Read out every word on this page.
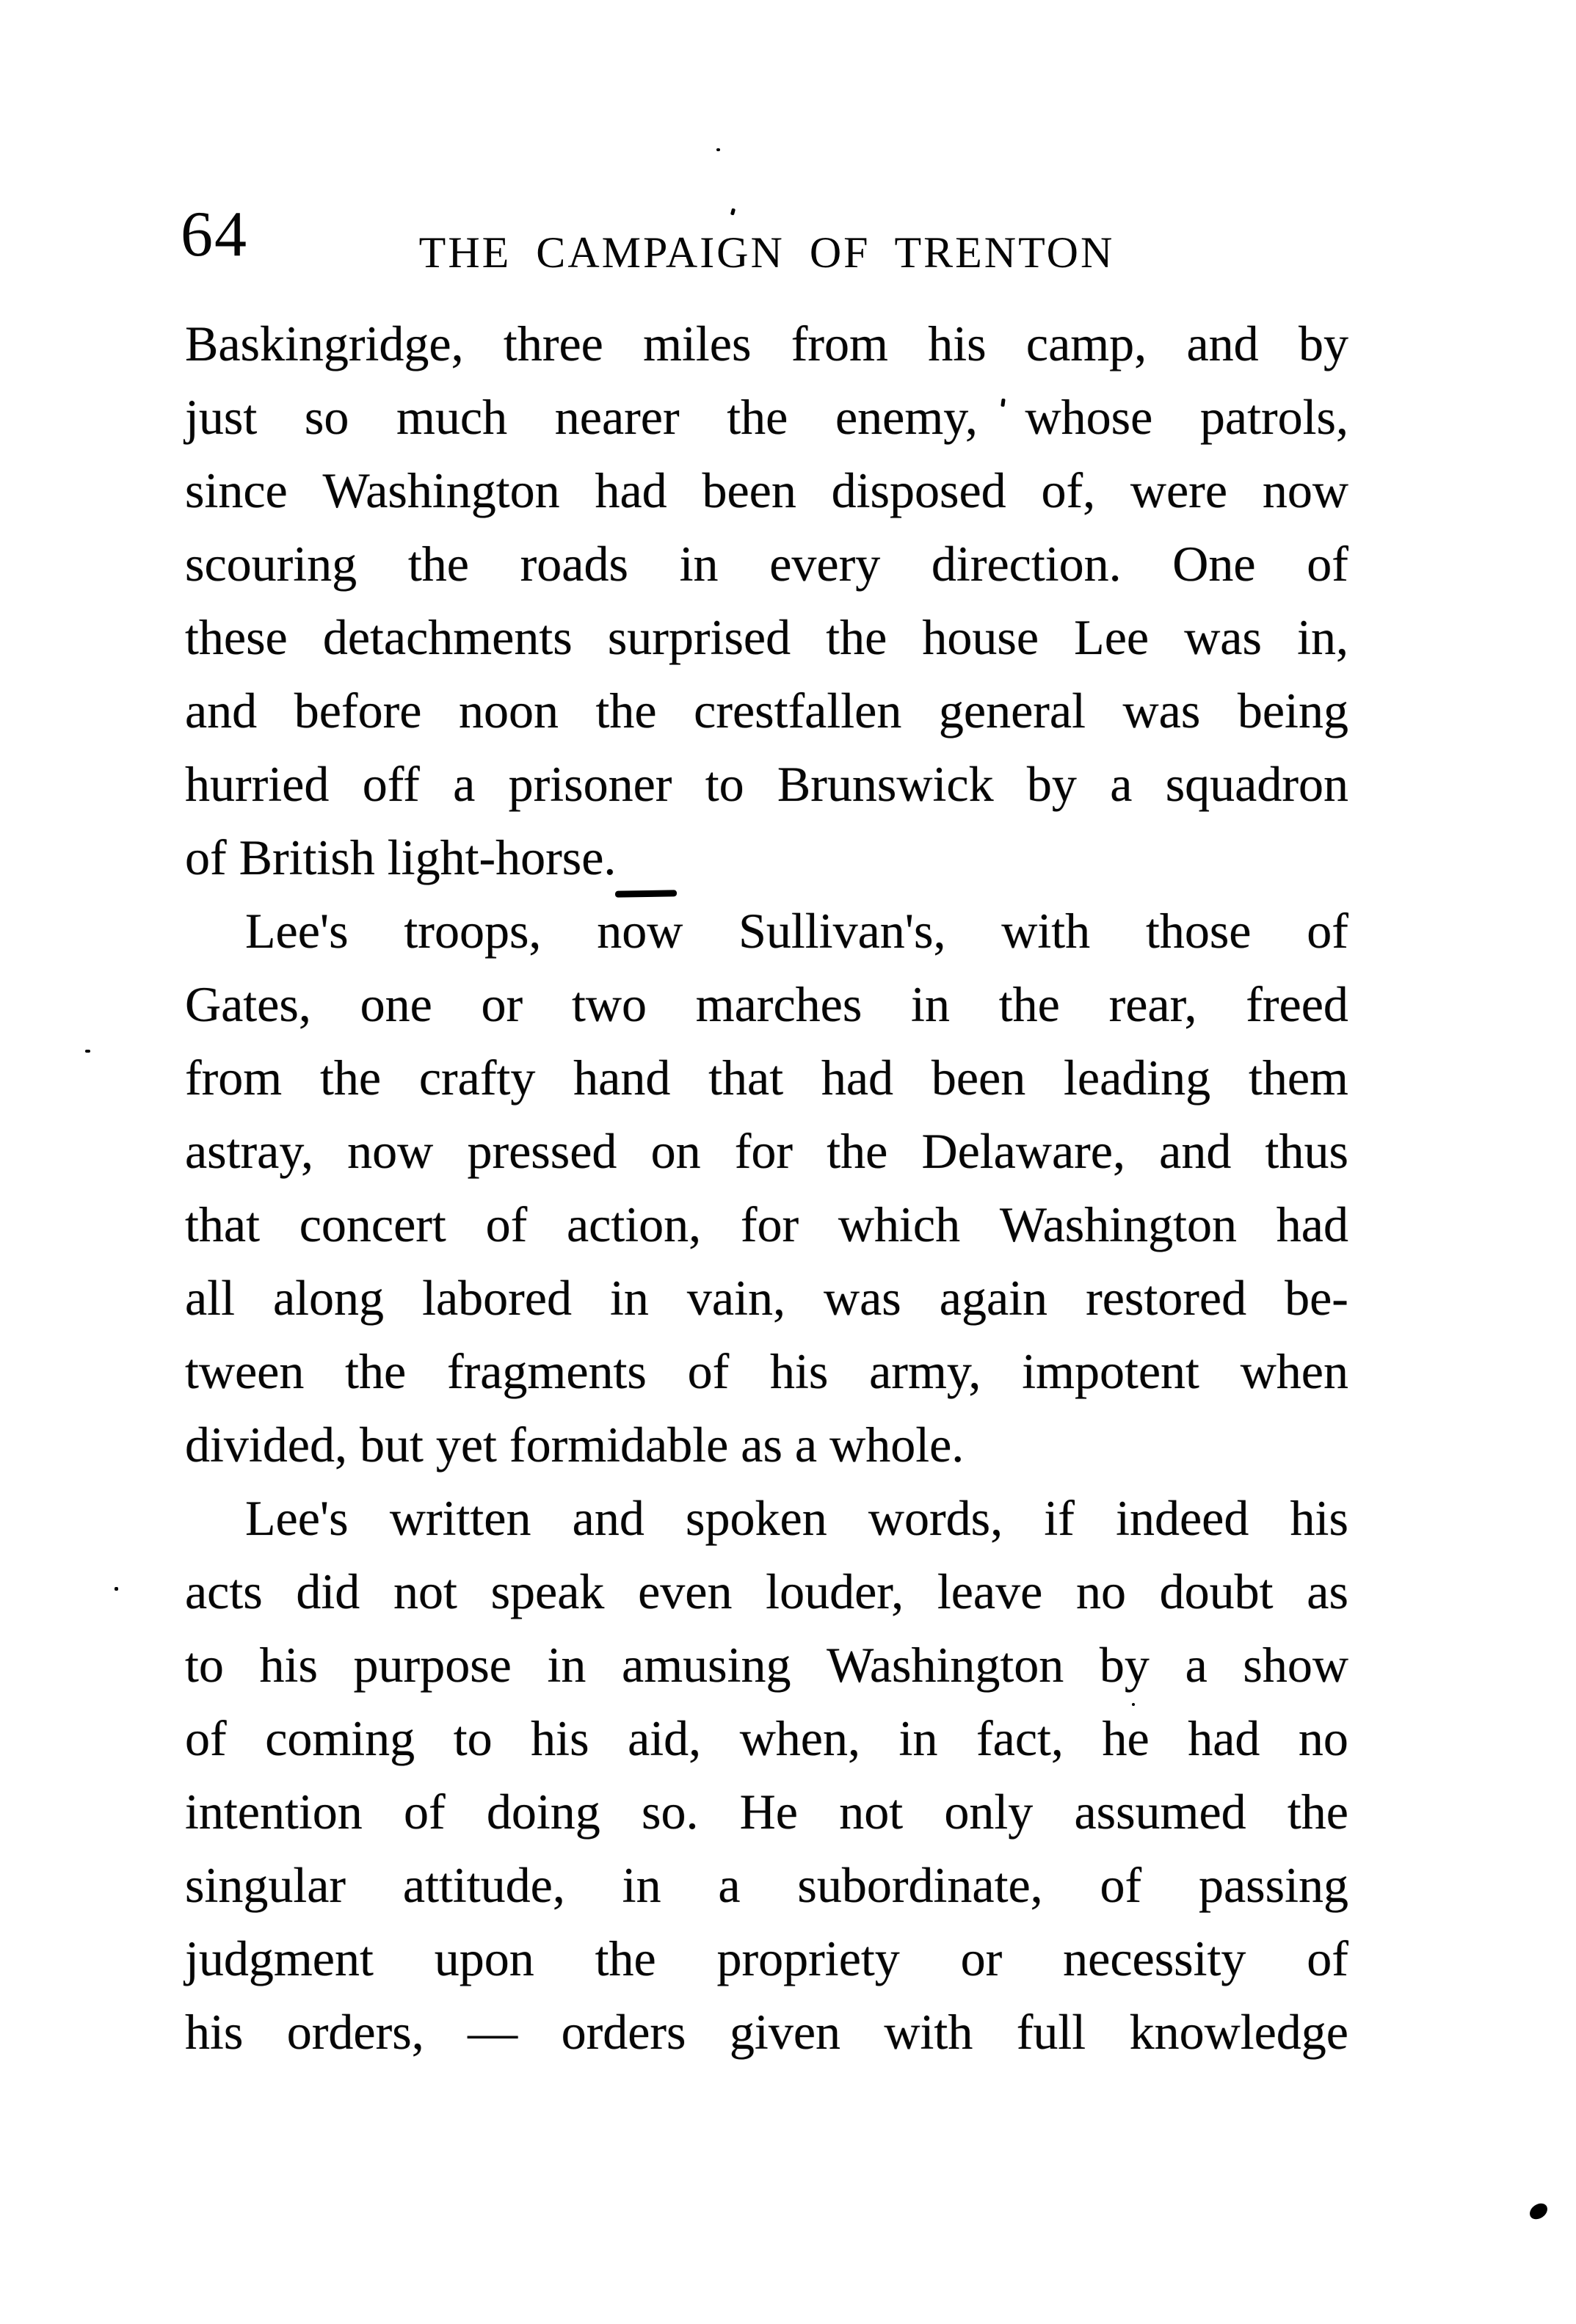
64	THE CAMPAIGN OF TRENTON
Baskingridge, three miles from his camp, and by
just so much nearer the enemy, whose patrols,
since Washington had been disposed of, were now
scouring the roads in every direction. One of
these detachments surprised the house Lee was in,
and before noon the crestfallen general was being
hurried off a prisoner to Brunswick by a squadron
of British light-horse.
Lee's troops, now Sullivan's, with those of
Gates, one or two marches in the rear, freed
from the crafty hand that had been leading them
astray, now pressed on for the Delaware, and thus
that concert of action, for which Washington had
all along labored in vain, was again restored be-
tween the fragments of his army, impotent when
divided, but yet formidable as a whole.
Lee's written and spoken words, if indeed his
acts did not speak even louder, leave no doubt as
to his purpose in amusing Washington by a show
of coming to his aid, when, in fact, he had no
intention of doing so. He not only assumed the
singular attitude, in a subordinate, of passing
judgment upon the propriety or necessity of
his orders, — orders given with full knowledge
